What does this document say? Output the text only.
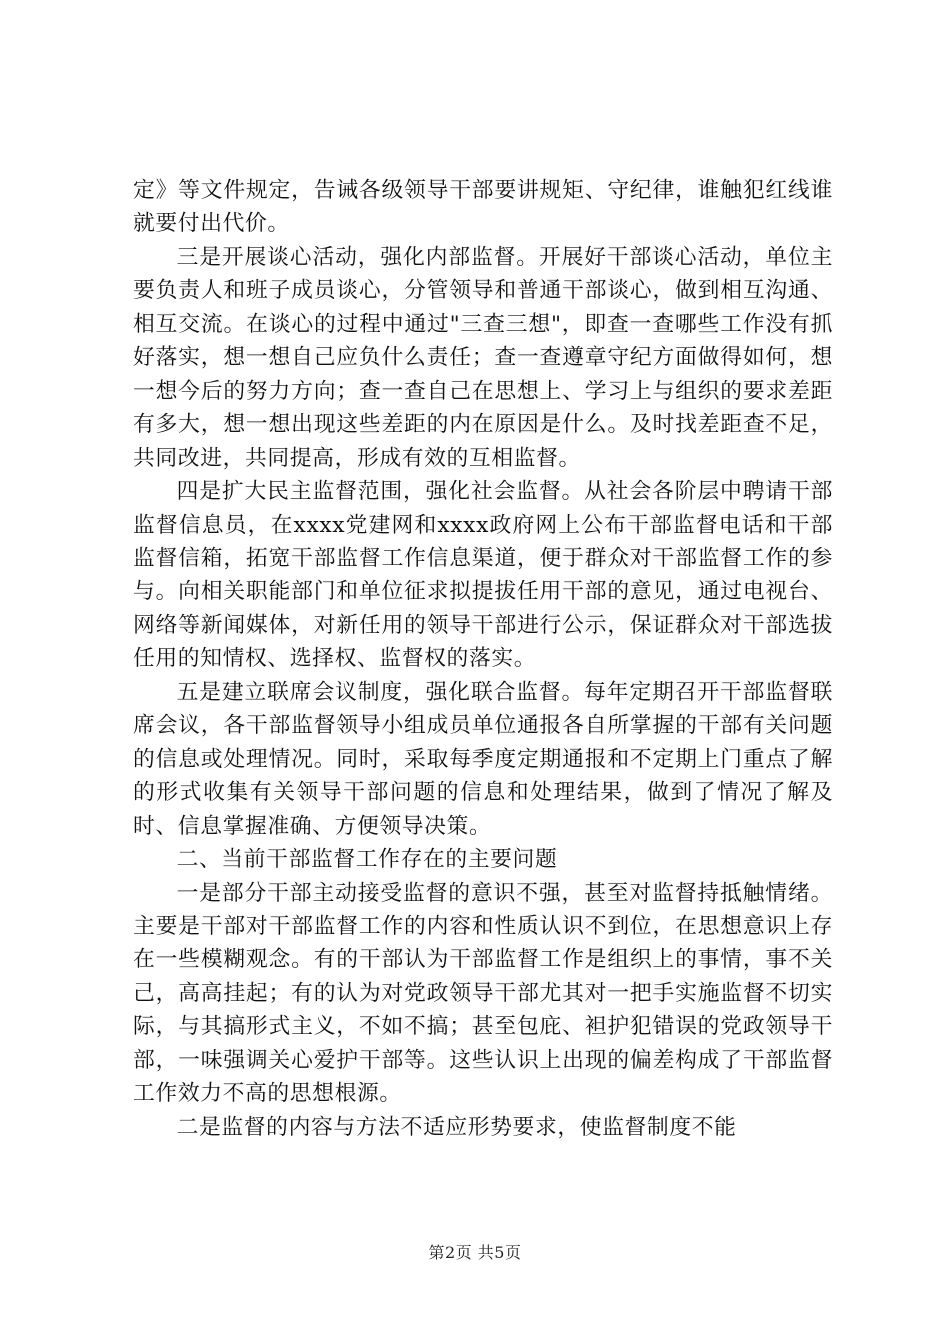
定》等文件规定，告诫各级领导干部要讲规矩、守纪律，谁触犯红线谁就要付出代价。

三是开展谈心活动，强化内部监督。开展好干部谈心活动，单位主要负责人和班子成员谈心，分管领导和普通干部谈心，做到相互沟通、相互交流。在谈心的过程中通过"三查三想"，即查一查哪些工作没有抓好落实，想一想自己应负什么责任；查一查遵章守纪方面做得如何，想一想今后的努力方向；查一查自己在思想上、学习上与组织的要求差距有多大，想一想出现这些差距的内在原因是什么。及时找差距查不足，共同改进，共同提高，形成有效的互相监督。

四是扩大民主监督范围，强化社会监督。从社会各阶层中聘请干部监督信息员，在xxxx党建网和xxxx政府网上公布干部监督电话和干部监督信箱，拓宽干部监督工作信息渠道，便于群众对干部监督工作的参与。向相关职能部门和单位征求拟提拔任用干部的意见，通过电视台、网络等新闻媒体，对新任用的领导干部进行公示，保证群众对干部选拔任用的知情权、选择权、监督权的落实。

五是建立联席会议制度，强化联合监督。每年定期召开干部监督联席会议，各干部监督领导小组成员单位通报各自所掌握的干部有关问题的信息或处理情况。同时，采取每季度定期通报和不定期上门重点了解的形式收集有关领导干部问题的信息和处理结果，做到了情况了解及时、信息掌握准确、方便领导决策。

二、当前干部监督工作存在的主要问题

一是部分干部主动接受监督的意识不强，甚至对监督持抵触情绪。主要是干部对干部监督工作的内容和性质认识不到位，在思想意识上存在一些模糊观念。有的干部认为干部监督工作是组织上的事情，事不关己，高高挂起；有的认为对党政领导干部尤其对一把手实施监督不切实际，与其搞形式主义，不如不搞；甚至包庇、袒护犯错误的党政领导干部，一味强调关心爱护干部等。这些认识上出现的偏差构成了干部监督工作效力不高的思想根源。

二是监督的内容与方法不适应形势要求，使监督制度不能

第2页 共5页
